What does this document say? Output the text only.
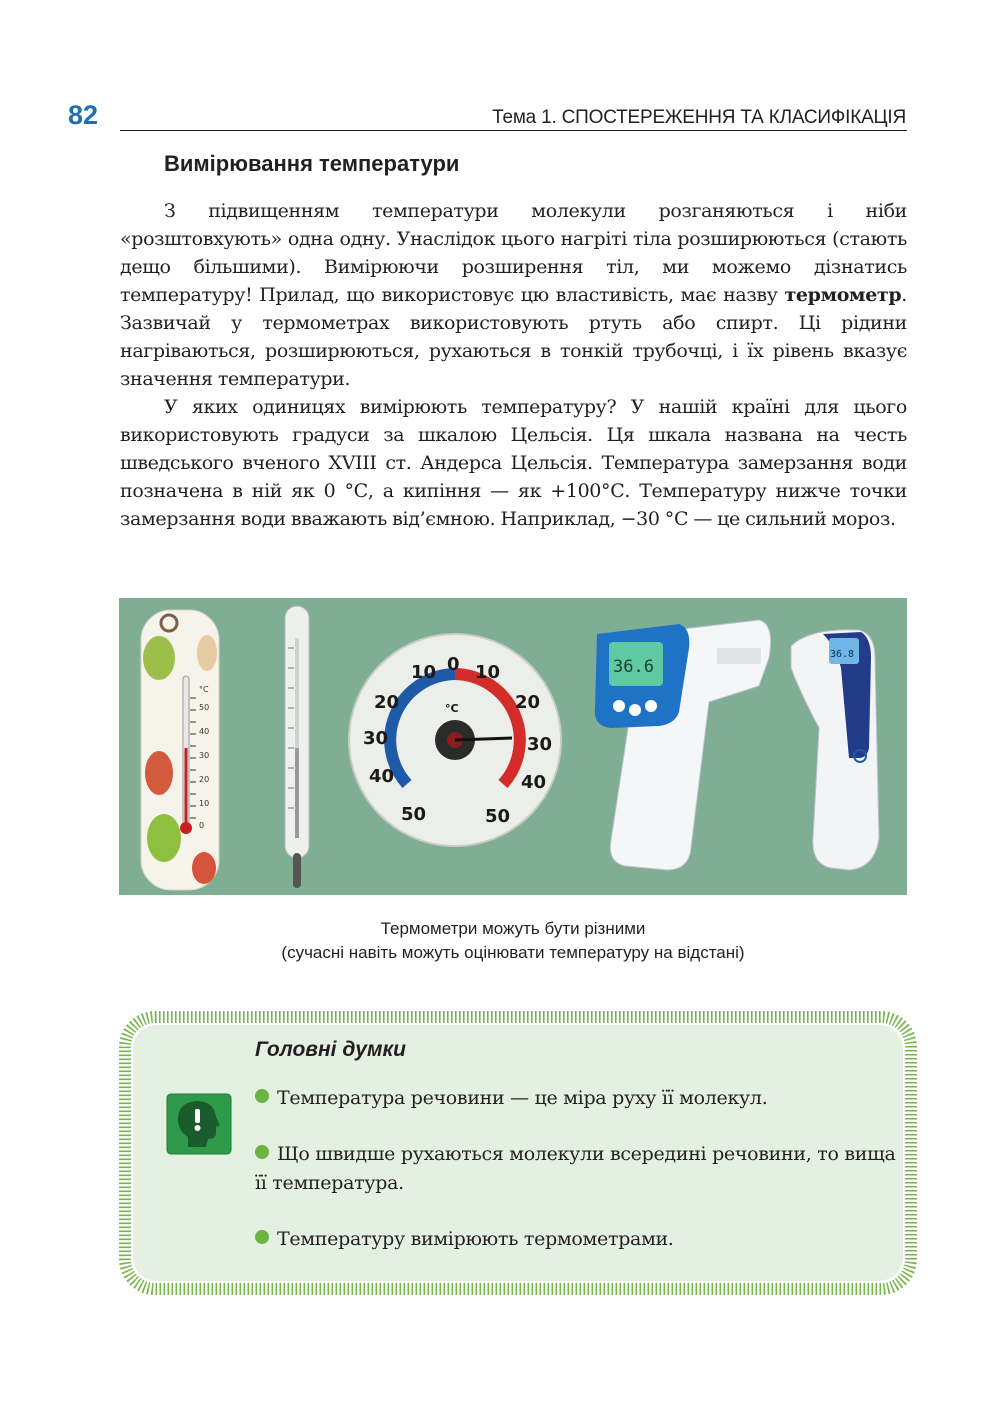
82	Тема 1. СПОСТЕРЕЖЕННЯ ТА КЛАСИФІКАЦІЯ
Вимірювання температури

З підвищенням температури молекули розганяються і ніби «розштовхують» одна одну. Унаслідок цього нагріті тіла розширюються (стають дещо більшими). Вимірюючи розширення тіл, ми можемо дізнатись температуру! Прилад, що використовує цю властивість, має назву термометр. Зазвичай у термометрах використовують ртуть або спирт. Ці рідини нагріваються, розширюються, рухаються в тонкій трубочці, і їх рівень вказує значення температури.

У яких одиницях вимірюють температуру? У нашій країні для цього використовують градуси за шкалою Цельсія. Ця шкала названа на честь шведського вченого XVIII ст. Андерса Цельсія. Температура замерзання води позначена в ній як 0 °С, а кипіння — як +100°С. Температуру нижче точки замерзання води вважають від’ємною. Наприклад, −30 °С — це сильний мороз.

°C
50
40
30
20
10
0
0
10
20
30
40
50
10
20
30
40
50
°C
36.6
36.8
Термометри можуть бути різними
(сучасні навіть можуть оцінювати температуру на відстані)
Головні думки
Температура речовини — це міра руху її молекул.
Що швидше рухаються молекули всередині речовини, то вища її температура.
Температуру вимірюють термометрами.
